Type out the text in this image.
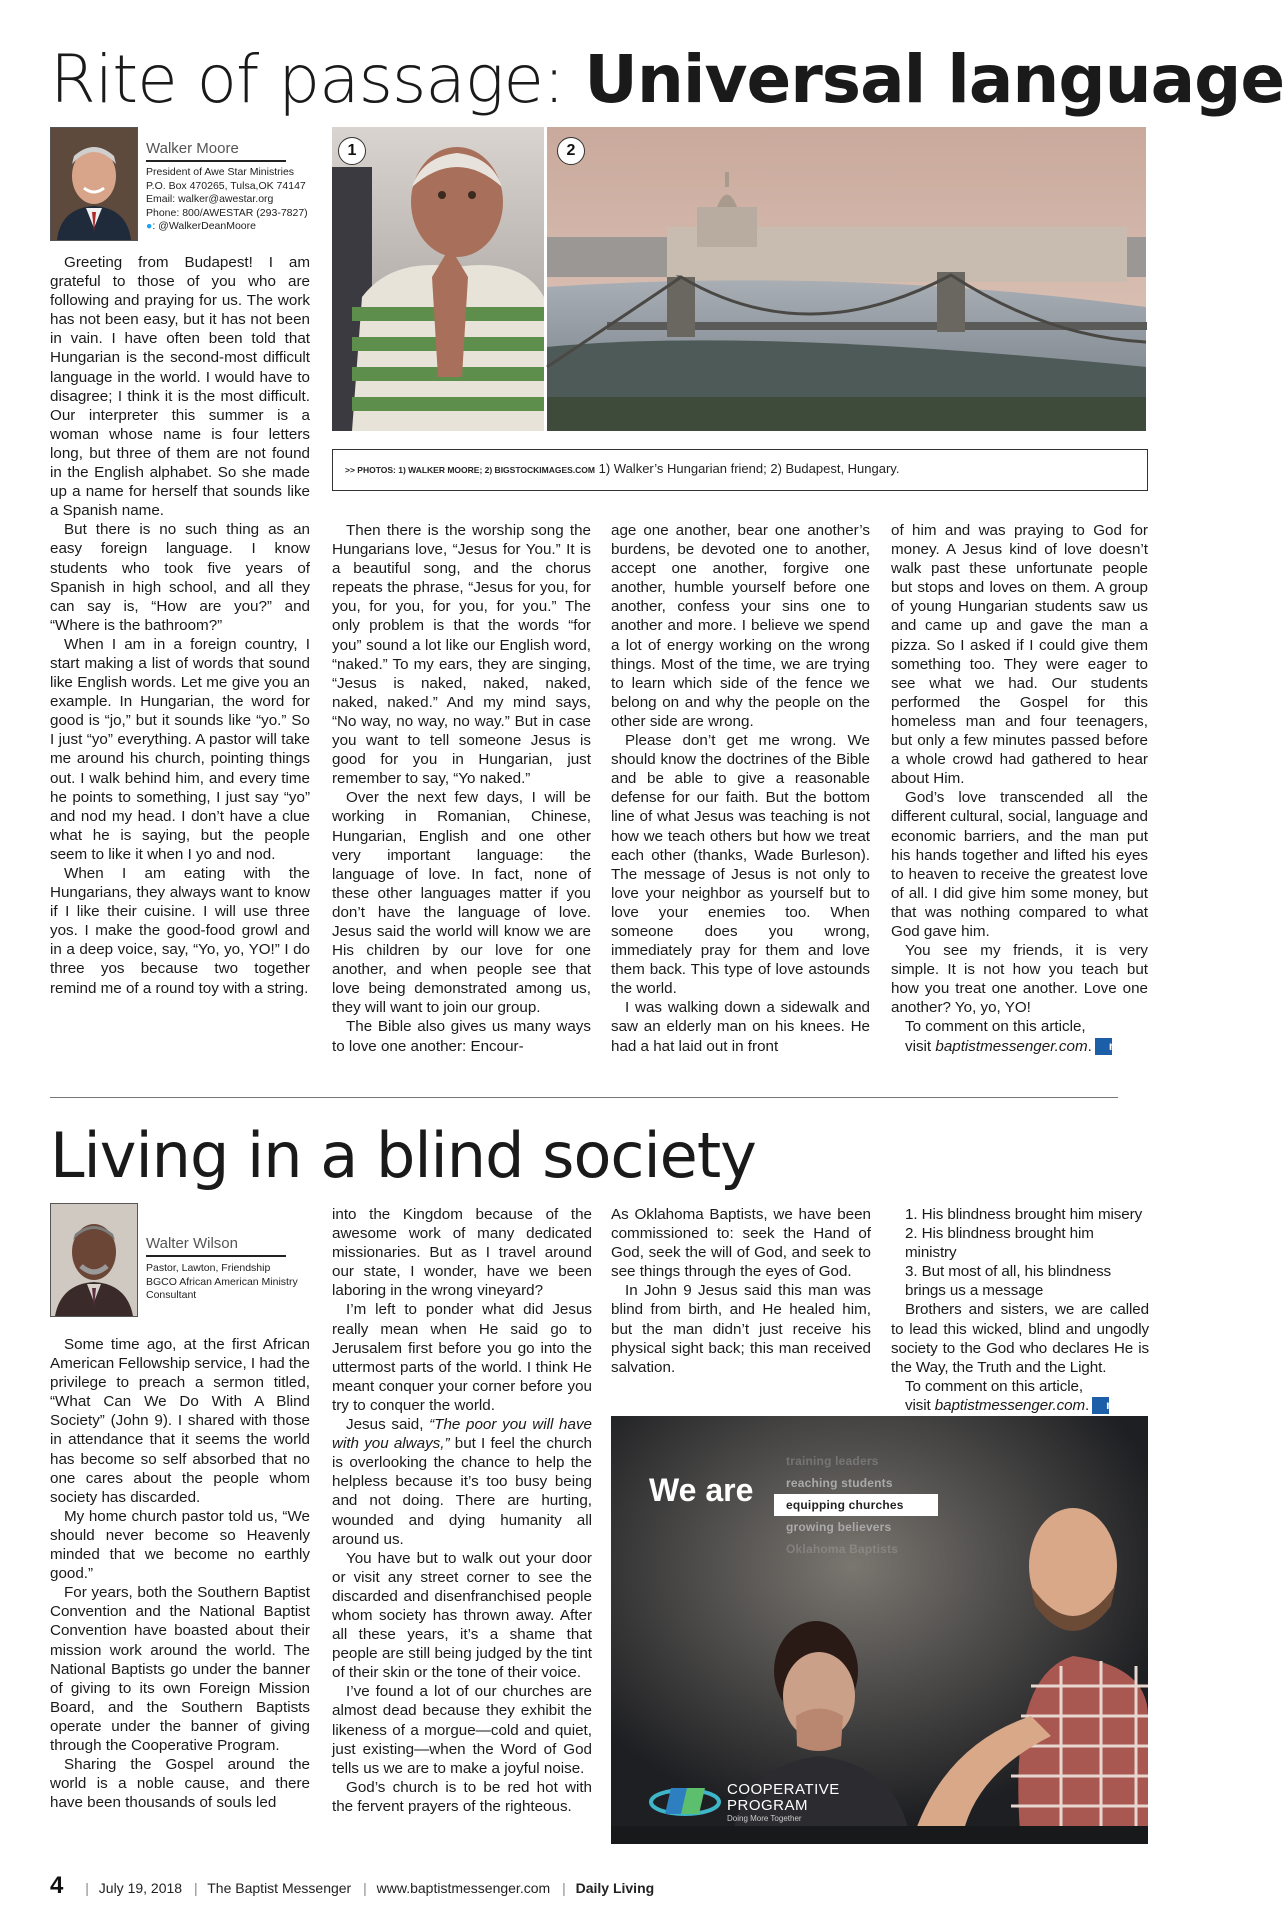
Rite of passage: Universal language
Walker Moore
President of Awe Star Ministries
P.O. Box 470265, Tulsa,OK 74147
Email: walker@awestar.org
Phone: 800/AWESTAR (293-7827)
●: @WalkerDeanMoore
1	2
>> PHOTOS: 1) WALKER MOORE; 2) BIGSTOCKIMAGES.COM 1) Walker’s Hungarian friend; 2) Budapest, Hungary.

Greeting from Budapest! I am grateful to those of you who are following and praying for us. The work has not been easy, but it has not been in vain. I have often been told that Hungarian is the second-most difficult language in the world. I would have to disagree; I think it is the most difficult. Our interpreter this summer is a woman whose name is four letters long, but three of them are not found in the English alphabet. So she made up a name for herself that sounds like a Spanish name.

But there is no such thing as an easy foreign language. I know students who took five years of Spanish in high school, and all they can say is, “How are you?” and “Where is the bathroom?”

When I am in a foreign country, I start making a list of words that sound like English words. Let me give you an example. In Hungarian, the word for good is “jo,” but it sounds like “yo.” So I just “yo” everything. A pastor will take me around his church, pointing things out. I walk behind him, and every time he points to something, I just say “yo” and nod my head. I don’t have a clue what he is saying, but the people seem to like it when I yo and nod.

When I am eating with the Hungarians, they always want to know if I like their cuisine. I will use three yos. I make the good-food growl and in a deep voice, say, “Yo, yo, YO!” I do three yos because two together remind me of a round toy with a string.

Then there is the worship song the Hungarians love, “Jesus for You.” It is a beautiful song, and the chorus repeats the phrase, “Jesus for you, for you, for you, for you, for you.” The only problem is that the words “for you” sound a lot like our English word, “naked.” To my ears, they are singing, “Jesus is naked, naked, naked, naked, naked.” And my mind says, “No way, no way, no way.” But in case you want to tell someone Jesus is good for you in Hungarian, just remember to say, “Yo naked.”

Over the next few days, I will be working in Romanian, Chinese, Hungarian, English and one other very important language: the language of love. In fact, none of these other languages matter if you don’t have the language of love. Jesus said the world will know we are His children by our love for one another, and when people see that love being demonstrated among us, they will want to join our group.

The Bible also gives us many ways to love one another: Encour-

age one another, bear one another’s burdens, be devoted one to another, accept one another, forgive one another, humble yourself before one another, confess your sins one to another and more. I believe we spend a lot of energy working on the wrong things. Most of the time, we are trying to learn which side of the fence we belong on and why the people on the other side are wrong.

Please don’t get me wrong. We should know the doctrines of the Bible and be able to give a reasonable defense for our faith. But the bottom line of what Jesus was teaching is not how we teach others but how we treat each other (thanks, Wade Burleson). The message of Jesus is not only to love your neighbor as yourself but to love your enemies too. When someone does you wrong, immediately pray for them and love them back. This type of love astounds the world.

I was walking down a sidewalk and saw an elderly man on his knees. He had a hat laid out in front

of him and was praying to God for money. A Jesus kind of love doesn’t walk past these unfortunate people but stops and loves on them. A group of young Hungarian students saw us and came up and gave the man a pizza. So I asked if I could give them something too. They were eager to see what we had. Our students performed the Gospel for this homeless man and four teenagers, but only a few minutes passed before a whole crowd had gathered to hear about Him.

God’s love transcended all the different cultural, social, language and economic barriers, and the man put his hands together and lifted his eyes to heaven to receive the greatest love of all. I did give him some money, but that was nothing compared to what God gave him.

You see my friends, it is very simple. It is not how you teach but how you treat one another. Love one another? Yo, yo, YO!

To comment on this article,

visit baptistmessenger.com. m

Living in a blind society
Walter Wilson
Pastor, Lawton, Friendship
BGCO African American Ministry
Consultant

Some time ago, at the first African American Fellowship service, I had the privilege to preach a sermon titled, “What Can We Do With A Blind Society” (John 9). I shared with those in attendance that it seems the world has become so self absorbed that no one cares about the people whom society has discarded.

My home church pastor told us, “We should never become so Heavenly minded that we become no earthly good.”

For years, both the Southern Baptist Convention and the National Baptist Convention have boasted about their mission work around the world. The National Baptists go under the banner of giving to its own Foreign Mission Board, and the Southern Baptists operate under the banner of giving through the Cooperative Program.

Sharing the Gospel around the world is a noble cause, and there have been thousands of souls led

into the Kingdom because of the awesome work of many dedicated missionaries. But as I travel around our state, I wonder, have we been laboring in the wrong vineyard?

I’m left to ponder what did Jesus really mean when He said go to Jerusalem first before you go into the uttermost parts of the world. I think He meant conquer your corner before you try to conquer the world.

Jesus said, “The poor you will have with you always,” but I feel the church is overlooking the chance to help the helpless because it’s too busy being and not doing. There are hurting, wounded and dying humanity all around us.

You have but to walk out your door or visit any street corner to see the discarded and disenfranchised people whom society has thrown away. After all these years, it’s a shame that people are still being judged by the tint of their skin or the tone of their voice.

I’ve found a lot of our churches are almost dead because they exhibit the likeness of a morgue—cold and quiet, just existing—when the Word of God tells us we are to make a joyful noise.

God’s church is to be red hot with the fervent prayers of the righteous.

As Oklahoma Baptists, we have been commissioned to: seek the Hand of God, seek the will of God, and seek to see things through the eyes of God.

In John 9 Jesus said this man was blind from birth, and He healed him, but the man didn’t just receive his physical sight back; this man received salvation.

1. His blindness brought him misery
2. His blindness brought him ministry
3. But most of all, his blindness brings us a message

Brothers and sisters, we are called to lead this wicked, blind and ungodly society to the God who declares He is the Way, the Truth and the Light.

To comment on this article,

visit baptistmessenger.com. m

We are
training leaders
reaching students
equipping churches
growing believers
Oklahoma Baptists
COOPERATIVE
PROGRAM
Doing More Together
4 | July 19, 2018 | The Baptist Messenger | www.baptistmessenger.com | Daily Living
